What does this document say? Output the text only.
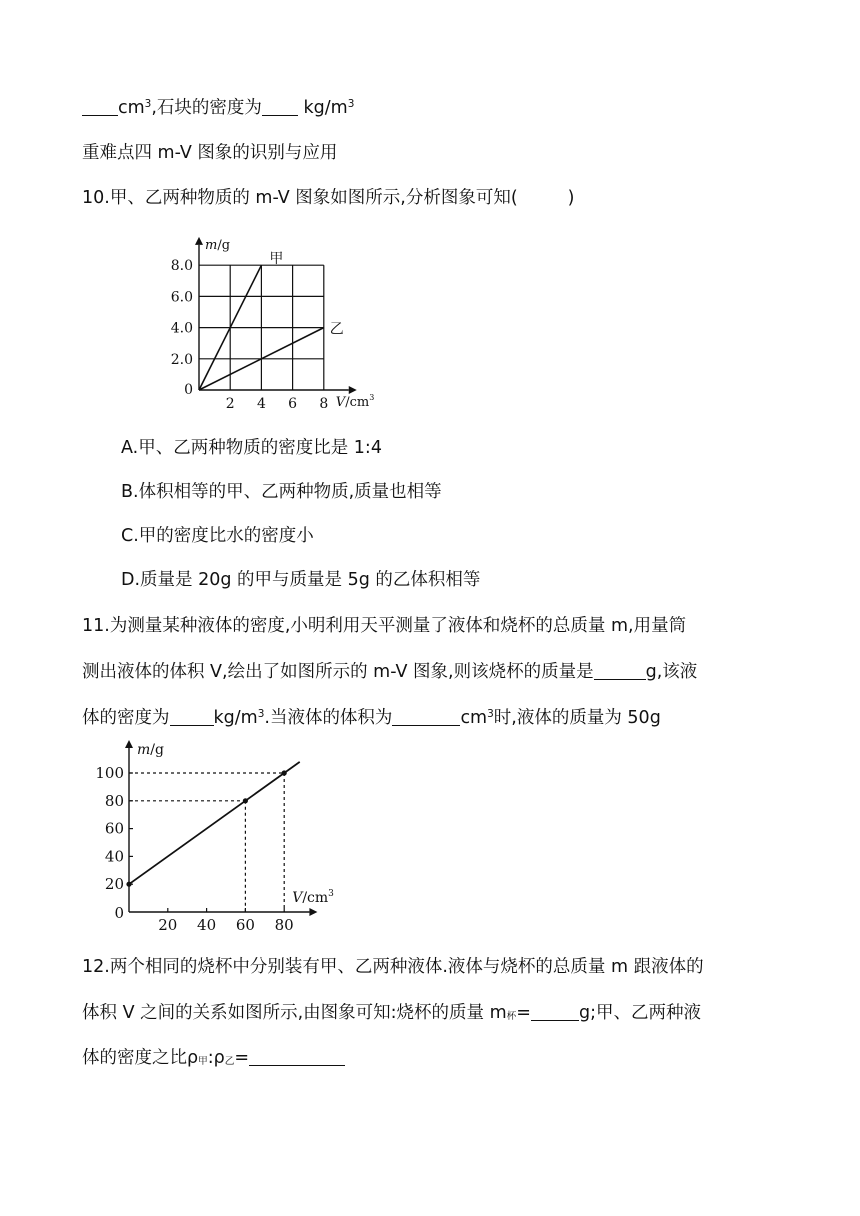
$cm^3$,石块的密度为 $kg/m^3$
重难点四 m-V 图象的识别与应用
10.甲、乙两种物质的 m-V 图象如图所示,分析图象可知(	)
2 4 6 8
2.0
4.0
6.0
8.0
0
m/g
$V/cm^3$
甲
乙
A.甲、乙两种物质的密度比是 1:4
B.体积相等的甲、乙两种物质,质量也相等
C.甲的密度比水的密度小
D.质量是 20g 的甲与质量是 5g 的乙体积相等
11.为测量某种液体的密度,小明利用天平测量了液体和烧杯的总质量 m,用量筒
测出液体的体积 V,绘出了如图所示的 m-V 图象,则该烧杯的质量是	g,该液
体的密度为	$kg/m^3$.当液体的体积为	$cm^3$时,液体的质量为 50g
20 40 60 80
20
40
60
80
100
0
m/g
$V/cm^3$
12.两个相同的烧杯中分别装有甲、乙两种液体.液体与烧杯的总质量 m 跟液体的
体积 V 之间的关系如图所示,由图象可知:烧杯的质量 $m_杯=$	g;甲、乙两种液
体的密度之比$\rho_甲:\rho_乙=$
